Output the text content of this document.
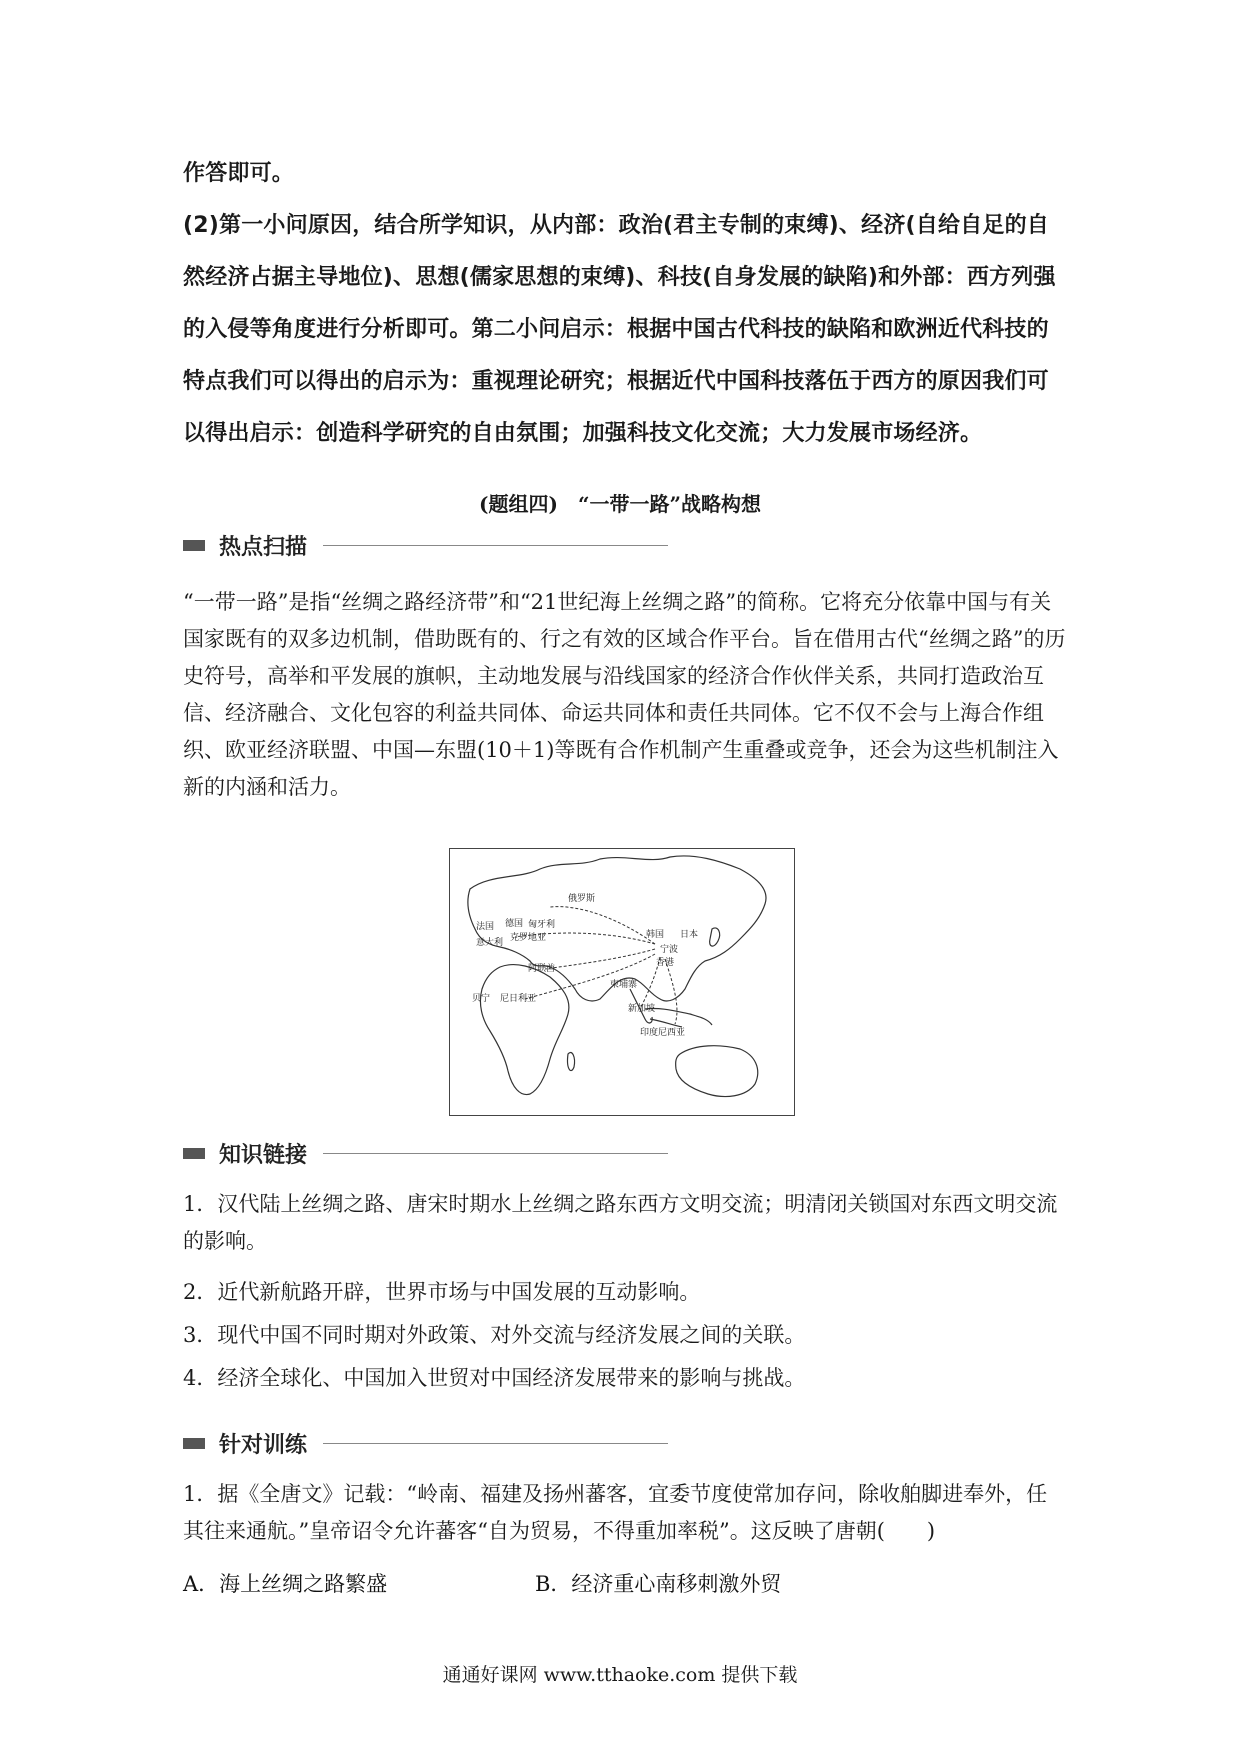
作答即可。

(2)第一小问原因，结合所学知识，从内部：政治(君主专制的束缚)、经济(自给自足的自然经济占据主导地位)、思想(儒家思想的束缚)、科技(自身发展的缺陷)和外部：西方列强的入侵等角度进行分析即可。第二小问启示：根据中国古代科技的缺陷和欧洲近代科技的特点我们可以得出的启示为：重视理论研究；根据近代中国科技落伍于西方的原因我们可以得出启示：创造科学研究的自由氛围；加强科技文化交流；大力发展市场经济。

(题组四)　“一带一路”战略构想
热点扫描

“一带一路”是指“丝绸之路经济带”和“21世纪海上丝绸之路”的简称。它将充分依靠中国与有关国家既有的双多边机制，借助既有的、行之有效的区域合作平台。旨在借用古代“丝绸之路”的历史符号，高举和平发展的旗帜，主动地发展与沿线国家的经济合作伙伴关系，共同打造政治互信、经济融合、文化包容的利益共同体、命运共同体和责任共同体。它不仅不会与上海合作组织、欧亚经济联盟、中国—东盟(10＋1)等既有合作机制产生重叠或竞争，还会为这些机制注入新的内涵和活力。

俄罗斯
法国 德国 匈牙利
意大利 克罗地亚
阿联酋
贝宁 尼日利亚
韩国 日本
宁波
香港
柬埔寨
新加坡
印度尼西亚
知识链接

1．汉代陆上丝绸之路、唐宋时期水上丝绸之路东西方文明交流；明清闭关锁国对东西文明交流的影响。

2．近代新航路开辟，世界市场与中国发展的互动影响。

3．现代中国不同时期对外政策、对外交流与经济发展之间的关联。

4．经济全球化、中国加入世贸对中国经济发展带来的影响与挑战。

针对训练

1．据《全唐文》记载：“岭南、福建及扬州蕃客，宜委节度使常加存问，除收舶脚进奉外，任其往来通航。”皇帝诏令允许蕃客“自为贸易，不得重加率税”。这反映了唐朝(　　)

A．海上丝绸之路繁盛	B．经济重心南移刺激外贸
通通好课网 www.tthaoke.com 提供下载
